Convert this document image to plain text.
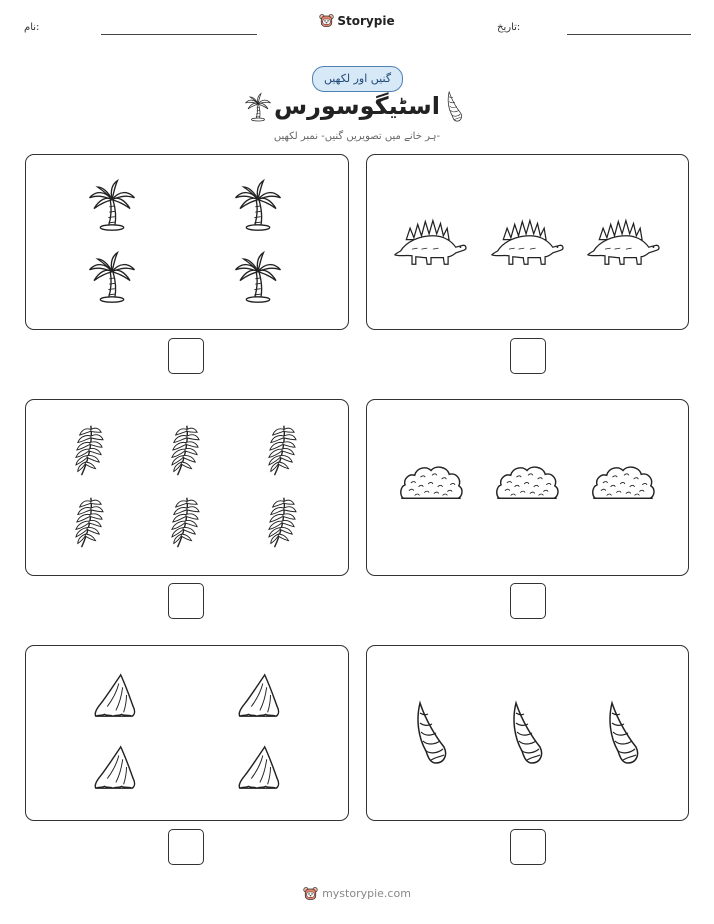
نام:	Storypie	تاریخ:
گنیں اور لکھیں
اسٹیگوسورس
ہر خانے میں تصویریں گنیں- نمبر لکھیں-
mystorypie.com
